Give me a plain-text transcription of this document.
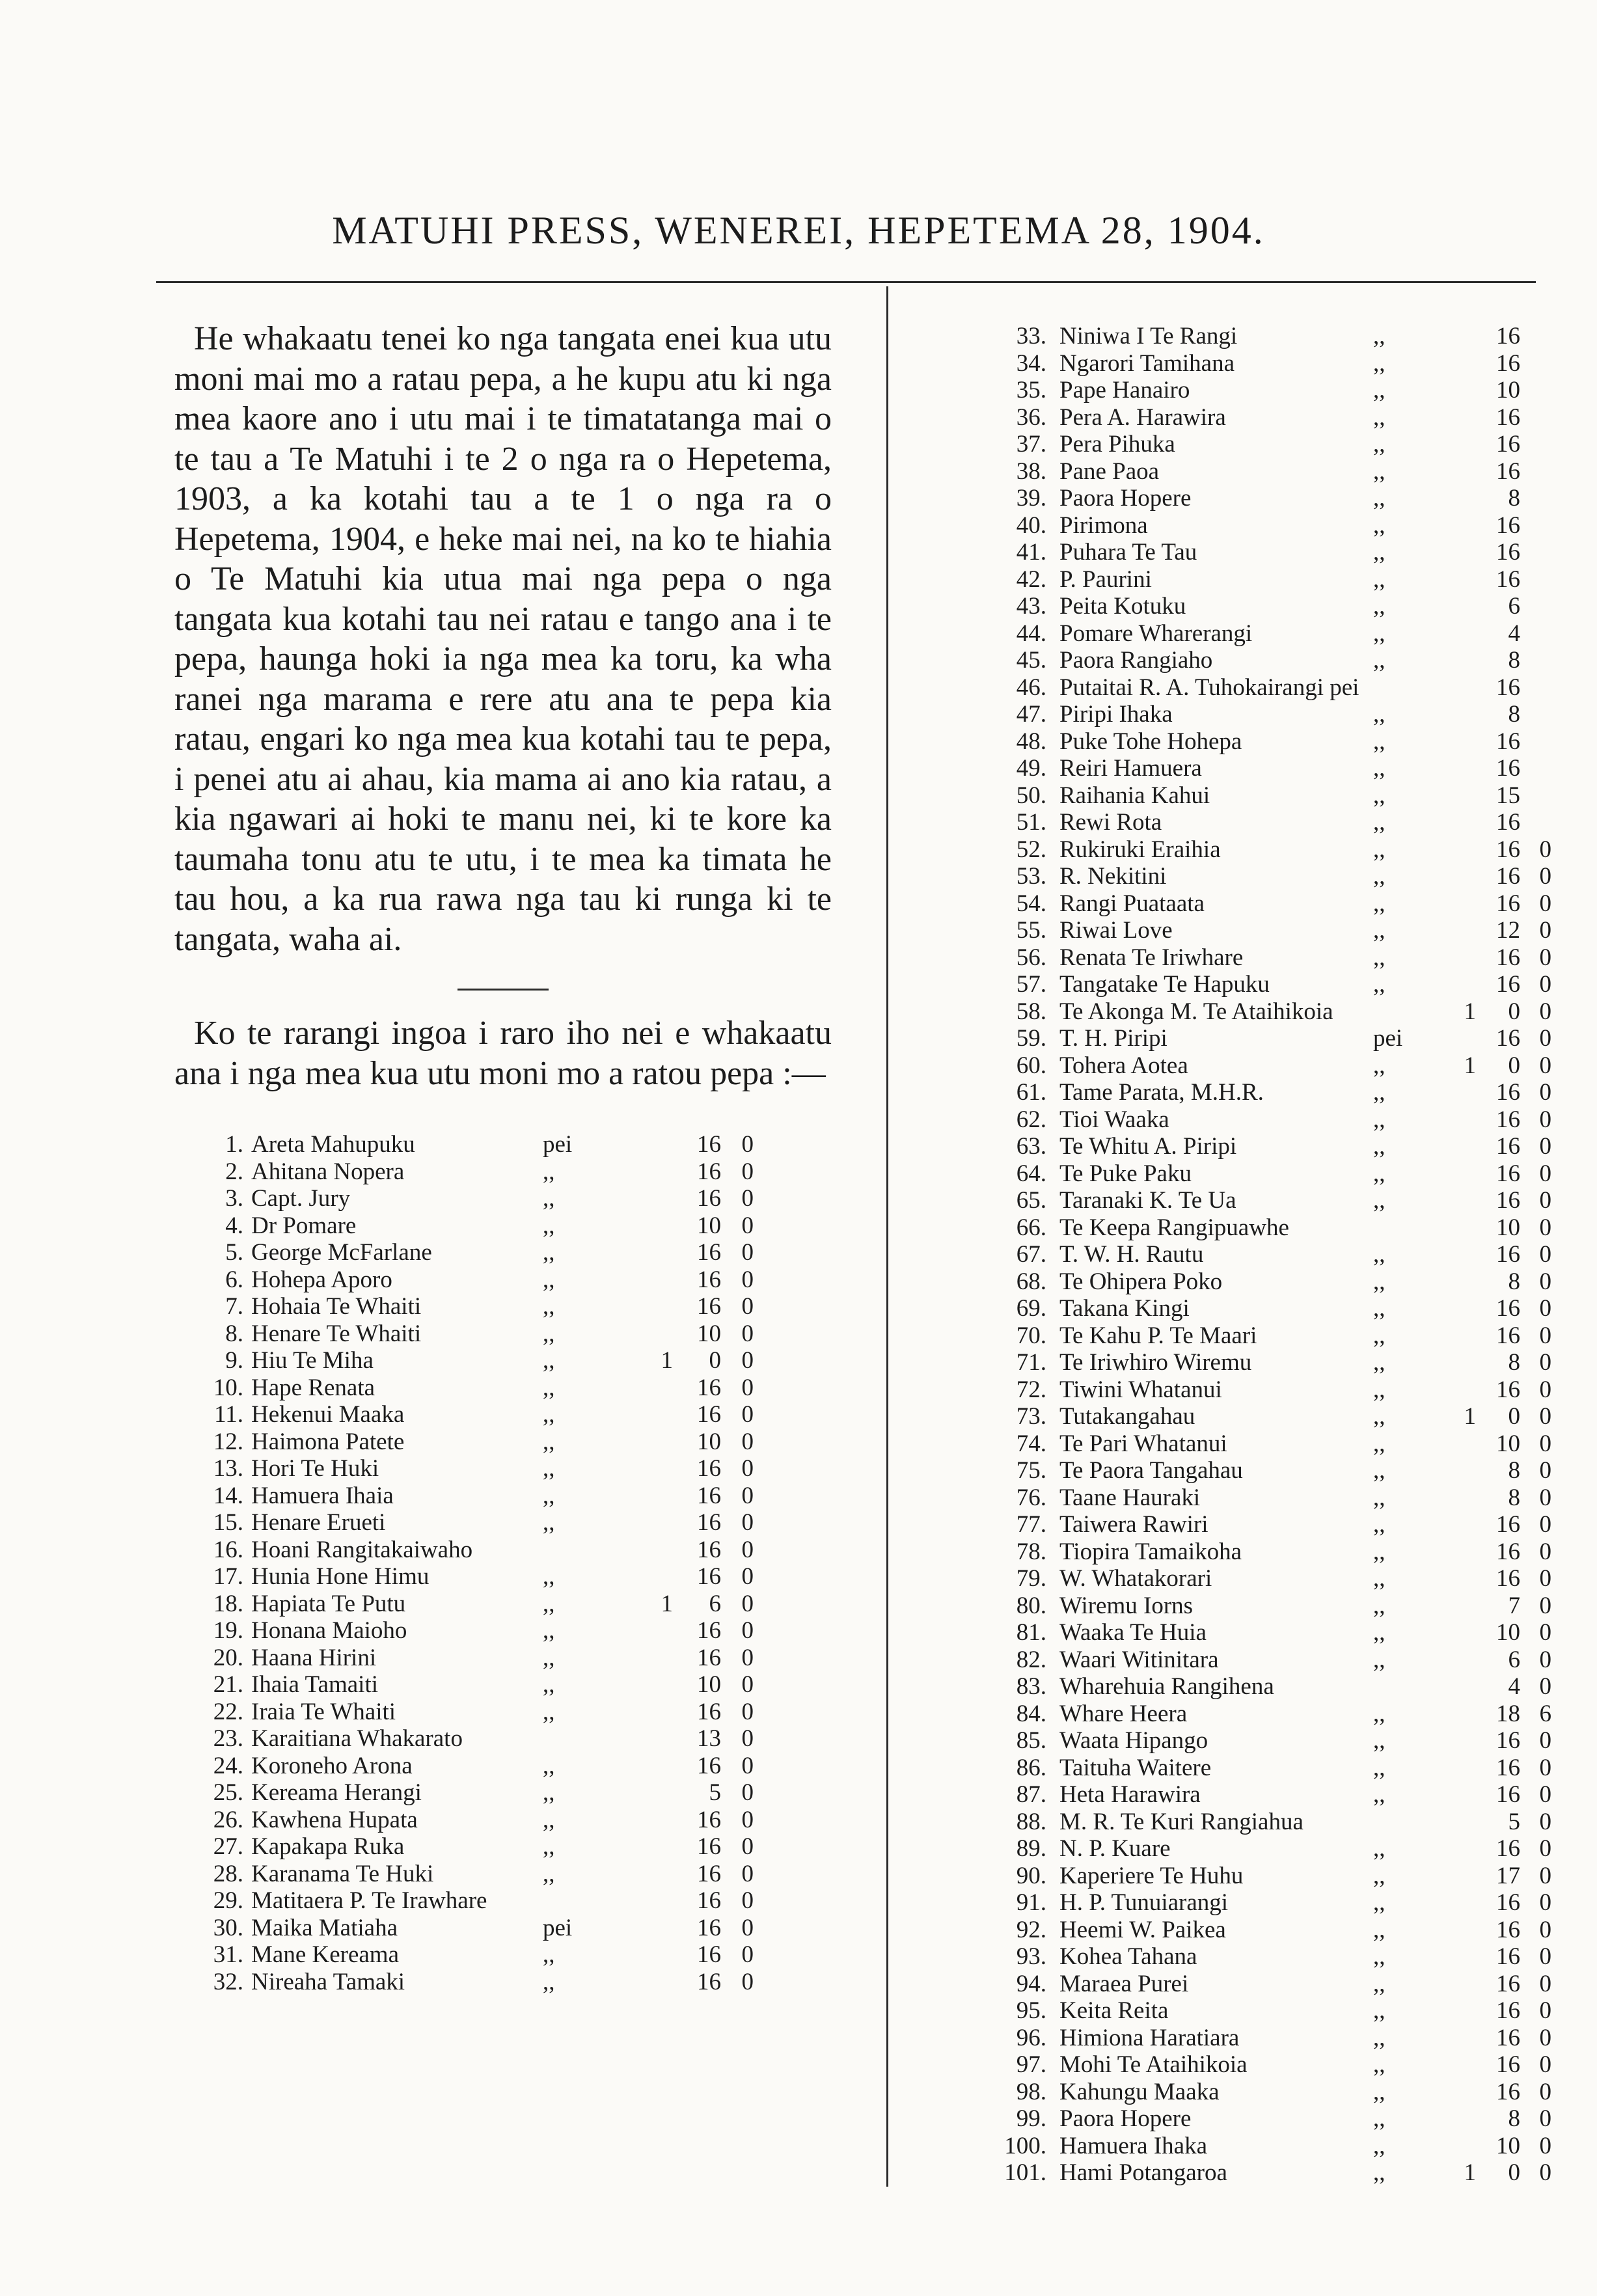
MATUHI PRESS, WENEREI, HEPETEMA 28, 1904.

He whakaatu tenei ko nga tangata enei kua utu moni mai mo a ratau pepa, a he kupu atu ki nga mea kaore ano i utu mai i te timatatanga mai o te tau a Te Matuhi i te 2 o nga ra o Hepetema, 1903, a ka kotahi tau a te 1 o nga ra o Hepetema, 1904, e heke mai nei, na ko te hiahia o Te Matuhi kia utua mai nga pepa o nga tangata kua kotahi tau nei ratau e tango ana i te pepa, haunga hoki ia nga mea ka toru, ka wha ranei nga marama e rere atu ana te pepa kia ratau, engari ko nga mea kua kotahi tau te pepa, i penei atu ai ahau, kia mama ai ano kia ratau, a kia ngawari ai hoki te manu nei, ki te kore ka taumaha tonu atu te utu, i te mea ka timata he tau hou, a ka rua rawa nga tau ki runga ki te tangata, waha ai.

Ko te rarangi ingoa i raro iho nei e whakaatu ana i nga mea kua utu moni mo a ratou pepa :—

1. Areta Mahupuku	pei	16 0
2. Ahitana Nopera	,,	16 0
3. Capt. Jury	,,	16 0
4. Dr Pomare	,,	10 0
5. George McFarlane	,,	16 0
6. Hohepa Aporo	,,	16 0
7. Hohaia Te Whaiti	,,	16 0
8. Henare Te Whaiti	,,	10 0
9. Hiu Te Miha	,,	1	0 0
10. Hape Renata	,,	16 0
11. Hekenui Maaka	,,	16 0
12. Haimona Patete	,,	10 0
13. Hori Te Huki	,,	16 0
14. Hamuera Ihaia	,,	16 0
15. Henare Erueti	,,	16 0
16. Hoani Rangitakaiwaho	16 0
17. Hunia Hone Himu	,,	16 0
18. Hapiata Te Putu	,,	1	6 0
19. Honana Maioho	,,	16 0
20. Haana Hirini	,,	16 0
21. Ihaia Tamaiti	,,	10 0
22. Iraia Te Whaiti	,,	16 0
23. Karaitiana Whakarato	13 0
24. Koroneho Arona	,,	16 0
25. Kereama Herangi	,,	5 0
26. Kawhena Hupata	,,	16 0
27. Kapakapa Ruka	,,	16 0
28. Karanama Te Huki	,,	16 0
29. Matitaera P. Te Irawhare	16 0
30. Maika Matiaha	pei	16 0
31. Mane Kereama	,,	16 0
32. Nireaha Tamaki	,,	16 0
33. Niniwa I Te Rangi	,,	16
34. Ngarori Tamihana	,,	16
35. Pape Hanairo	,,	10
36. Pera A. Harawira	,,	16
37. Pera Pihuka	,,	16
38. Pane Paoa	,,	16
39. Paora Hopere	,,	8
40. Pirimona	,,	16
41. Puhara Te Tau	,,	16
42. P. Paurini	,,	16
43. Peita Kotuku	,,	6
44. Pomare Wharerangi	,,	4
45. Paora Rangiaho	,,	8
46. Putaitai R. A. Tuhokairangi pei	16
47. Piripi Ihaka	,,	8
48. Puke Tohe Hohepa	,,	16
49. Reiri Hamuera	,,	16
50. Raihania Kahui	,,	15
51. Rewi Rota	,,	16
52. Rukiruki Eraihia	,,	16 0
53. R. Nekitini	,,	16 0
54. Rangi Puataata	,,	16 0
55. Riwai Love	,,	12 0
56. Renata Te Iriwhare	,,	16 0
57. Tangatake Te Hapuku	,,	16 0
58. Te Akonga M. Te Ataihikoia	1	0 0
59. T. H. Piripi	pei	16 0
60. Tohera Aotea	,,	1	0 0
61. Tame Parata, M.H.R.	,,	16 0
62. Tioi Waaka	,,	16 0
63. Te Whitu A. Piripi	,,	16 0
64. Te Puke Paku	,,	16 0
65. Taranaki K. Te Ua	,,	16 0
66. Te Keepa Rangipuawhe	10 0
67. T. W. H. Rautu	,,	16 0
68. Te Ohipera Poko	,,	8 0
69. Takana Kingi	,,	16 0
70. Te Kahu P. Te Maari	,,	16 0
71. Te Iriwhiro Wiremu	,,	8 0
72. Tiwini Whatanui	,,	16 0
73. Tutakangahau	,,	1	0 0
74. Te Pari Whatanui	,,	10 0
75. Te Paora Tangahau	,,	8 0
76. Taane Hauraki	,,	8 0
77. Taiwera Rawiri	,,	16 0
78. Tiopira Tamaikoha	,,	16 0
79. W. Whatakorari	,,	16 0
80. Wiremu Iorns	,,	7 0
81. Waaka Te Huia	,,	10 0
82. Waari Witinitara	,,	6 0
83. Wharehuia Rangihena	4 0
84. Whare Heera	,,	18 6
85. Waata Hipango	,,	16 0
86. Taituha Waitere	,,	16 0
87. Heta Harawira	,,	16 0
88. M. R. Te Kuri Rangiahua	5 0
89. N. P. Kuare	,,	16 0
90. Kaperiere Te Huhu	,,	17 0
91. H. P. Tunuiarangi	,,	16 0
92. Heemi W. Paikea	,,	16 0
93. Kohea Tahana	,,	16 0
94. Maraea Purei	,,	16 0
95. Keita Reita	,,	16 0
96. Himiona Haratiara	,,	16 0
97. Mohi Te Ataihikoia	,,	16 0
98. Kahungu Maaka	,,	16 0
99. Paora Hopere	,,	8 0
100. Hamuera Ihaka	,,	10 0
101. Hami Potangaroa	,,	1	0 0
